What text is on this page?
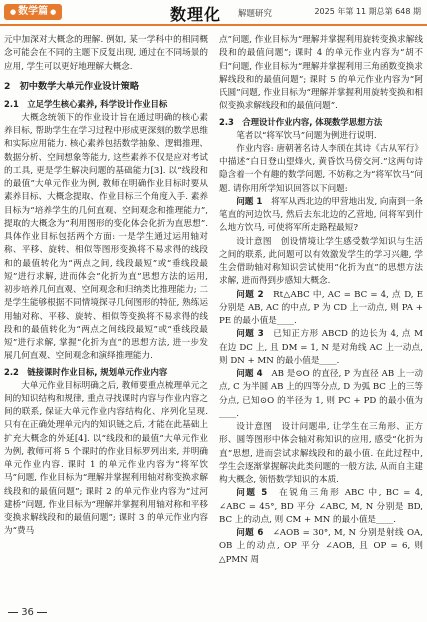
● 数学篇 ●	数理化 解题研究	2025 年第 11 期总第 648 期

元中加深对大概念的理解. 例如, 某一学科中的相同概念可能会在不同的主题下反复出现, 通过在不同场景的应用, 学生可以更好地理解大概念.

2　初中数学大单元作业设计策略
2.1　立足学生核心素养, 科学设计作业目标

大概念统领下的作业设计旨在通过明确的核心素养目标, 帮助学生在学习过程中形成更深刻的数学思维和实际应用能力. 核心素养包括数学抽象、逻辑推理、数据分析、空间想象等能力, 这些素养不仅是应对考试的工具, 更是学生解决问题的基础能力[3]. 以“线段和的最值”大单元作业为例, 教师在明确作业目标时要从素养目标、大概念提取、作业目标三个角度入手. 素养目标为“培养学生的几何直观、空间观念和推理能力”, 提取的大概念为“利用图形的变化体会化折为直思想”. 具体作业目标包括两个方面: 一是学生通过运用轴对称、平移、旋转、相似等图形变换将不易求得的线段和的最值转化为“两点之间, 线段最短”或“垂线段最短”进行求解, 进而体会“化折为直”思想方法的运用, 初步培养几何直观、空间观念和归纳类比推理能力; 二是学生能够根据不同情境探寻几何图形的特征, 熟练运用轴对称、平移、旋转、相似等变换将不易求得的线段和的最值转化为“两点之间线段最短”或“垂线段最短”进行求解, 掌握“化折为直”的思想方法, 进一步发展几何直观、空间观念和演绎推理能力.

2.2　链接课时作业目标, 规划单元作业内容

大单元作业目标明确之后, 教师要重点梳理单元之间的知识结构和规律, 重点寻找课时内容与作业内容之间的联系, 保证大单元作业内容结构化、序列化呈现. 只有在正确处理单元内的知识链之后, 才能在此基础上扩充大概念的外延[4]. 以“线段和的最值”大单元作业为例, 教师可将 5 个课时的作业目标罗列出来, 并明确单元作业内容. 课时 1 的单元作业内容为“将军饮马”问题, 作业目标为“理解并掌握利用轴对称变换求解线段和的最值问题”; 课时 2 的单元作业内容为“过河建桥”问题, 作业目标为“理解并掌握利用轴对称和平移变换求解线段和的最值问题”; 课时 3 的单元作业内容为“费马

点”问题, 作业目标为“理解并掌握利用旋转变换求解线段和的最值问题”; 课时 4 的单元作业内容为“胡不归”问题, 作业目标为“理解并掌握利用三角函数变换求解线段和的最值问题”; 课时 5 的单元作业内容为“阿氏圆”问题, 作业目标为“理解并掌握利用旋转变换和相似变换求解线段和的最值问题”.

2.3　合理设计作业内容, 体现数学思想方法

笔者以“将军饮马”问题为例进行说明.

作业内容: 唐朝著名诗人李颀在其诗《古从军行》中描述“白日登山望烽火, 黄昏饮马傍交河.”这两句诗隐含着一个有趣的数学问题, 不妨称之为“将军饮马”问题. 请你用所学知识回答以下问题:

问题 1　 将军从西北边的甲营地出发, 向南到一条笔直的河边饮马, 然后去东北边的乙营地, 问将军到什么地方饮马, 可使将军所走路程最短?

设计意图　创设情境让学生感受数学知识与生活之间的联系, 此问题可以有效激发学生的学习兴趣, 学生会借助轴对称知识尝试使用“化折为直”的思想方法求解, 进而得到步感知大概念.

问题 2　 Rt△ABC 中, AC = BC = 4, 点 D, E 分别是 AB, AC 的中点, P 为 CD 上一动点, 则 PA + PE 的最小值是____.

问题 3　 已知正方形 ABCD 的边长为 4, 点 M 在边 DC 上, 且 DM = 1, N 是对角线 AC 上一动点, 则 DN + MN 的最小值是____.

问题 4　 AB 是⊙O 的直径, P 为直径 AB 上一动点, C 为半圆 AB 上的四等分点, D 为弧 BC 上的三等分点, 已知⊙O 的半径为 1, 则 PC + PD 的最小值为____.

设计意图　设计问题串, 让学生在三角形、正方形、圆等图形中体会轴对称知识的应用, 感受“化折为直”思想, 进而尝试求解线段和的最小值. 在此过程中, 学生会逐渐掌握解决此类问题的一般方法, 从而自主建构大概念, 领悟数学知识的本质.

问题 5　 在锐角三角形 ABC 中, BC = 4, ∠ABC = 45°, BD 平分 ∠ABC, M, N 分别是 BD, BC 上的动点, 则 CM + MN 的最小值是____.

问题 6　 ∠AOB = 30°, M, N 分别是射线 OA, OB 上的动点, OP 平分 ∠AOB, 且 OP = 6, 则△PMN 周

36
